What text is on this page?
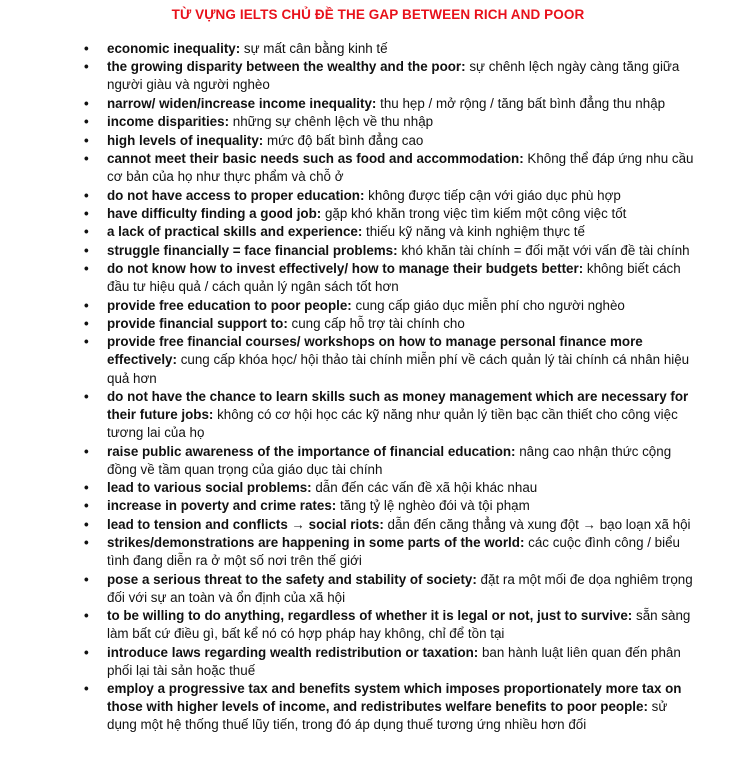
TỪ VỰNG IELTS CHỦ ĐỀ THE GAP BETWEEN RICH AND POOR
• economic inequality: sự mất cân bằng kinh tế
• the growing disparity between the wealthy and the poor: sự chênh lệch ngày càng tăng giữa người giàu và người nghèo
• narrow/ widen/increase income inequality: thu hẹp / mở rộng / tăng bất bình đẳng thu nhập
• income disparities: những sự chênh lệch về thu nhập
• high levels of inequality: mức độ bất bình đẳng cao
• cannot meet their basic needs such as food and accommodation: Không thể đáp ứng nhu cầu cơ bản của họ như thực phẩm và chỗ ở
• do not have access to proper education: không được tiếp cận với giáo dục phù hợp
• have difficulty finding a good job: gặp khó khăn trong việc tìm kiếm một công việc tốt
• a lack of practical skills and experience: thiếu kỹ năng và kinh nghiệm thực tế
• struggle financially = face financial problems: khó khăn tài chính = đối mặt với vấn đề tài chính
• do not know how to invest effectively/ how to manage their budgets better: không biết cách đầu tư hiệu quả / cách quản lý ngân sách tốt hơn
• provide free education to poor people: cung cấp giáo dục miễn phí cho người nghèo
• provide financial support to: cung cấp hỗ trợ tài chính cho
• provide free financial courses/ workshops on how to manage personal finance more effectively: cung cấp khóa học/ hội thảo tài chính miễn phí về cách quản lý tài chính cá nhân hiệu quả hơn
• do not have the chance to learn skills such as money management which are necessary for their future jobs: không có cơ hội học các kỹ năng như quản lý tiền bạc cần thiết cho công việc tương lai của họ
• raise public awareness of the importance of financial education: nâng cao nhận thức cộng đồng về tầm quan trọng của giáo dục tài chính
• lead to various social problems: dẫn đến các vấn đề xã hội khác nhau
• increase in poverty and crime rates: tăng tỷ lệ nghèo đói và tội phạm
• lead to tension and conflicts → social riots: dẫn đến căng thẳng và xung đột → bạo loạn xã hội
• strikes/demonstrations are happening in some parts of the world: các cuộc đình công / biểu tình đang diễn ra ở một số nơi trên thế giới
• pose a serious threat to the safety and stability of society: đặt ra một mối đe dọa nghiêm trọng đối với sự an toàn và ổn định của xã hội
• to be willing to do anything, regardless of whether it is legal or not, just to survive: sẵn sàng làm bất cứ điều gì, bất kể nó có hợp pháp hay không, chỉ để tồn tại
• introduce laws regarding wealth redistribution or taxation: ban hành luật liên quan đến phân phối lại tài sản hoặc thuế
• employ a progressive tax and benefits system which imposes proportionately more tax on those with higher levels of income, and redistributes welfare benefits to poor people: sử dụng một hệ thống thuế lũy tiến, trong đó áp dụng thuế tương ứng nhiều hơn đối
